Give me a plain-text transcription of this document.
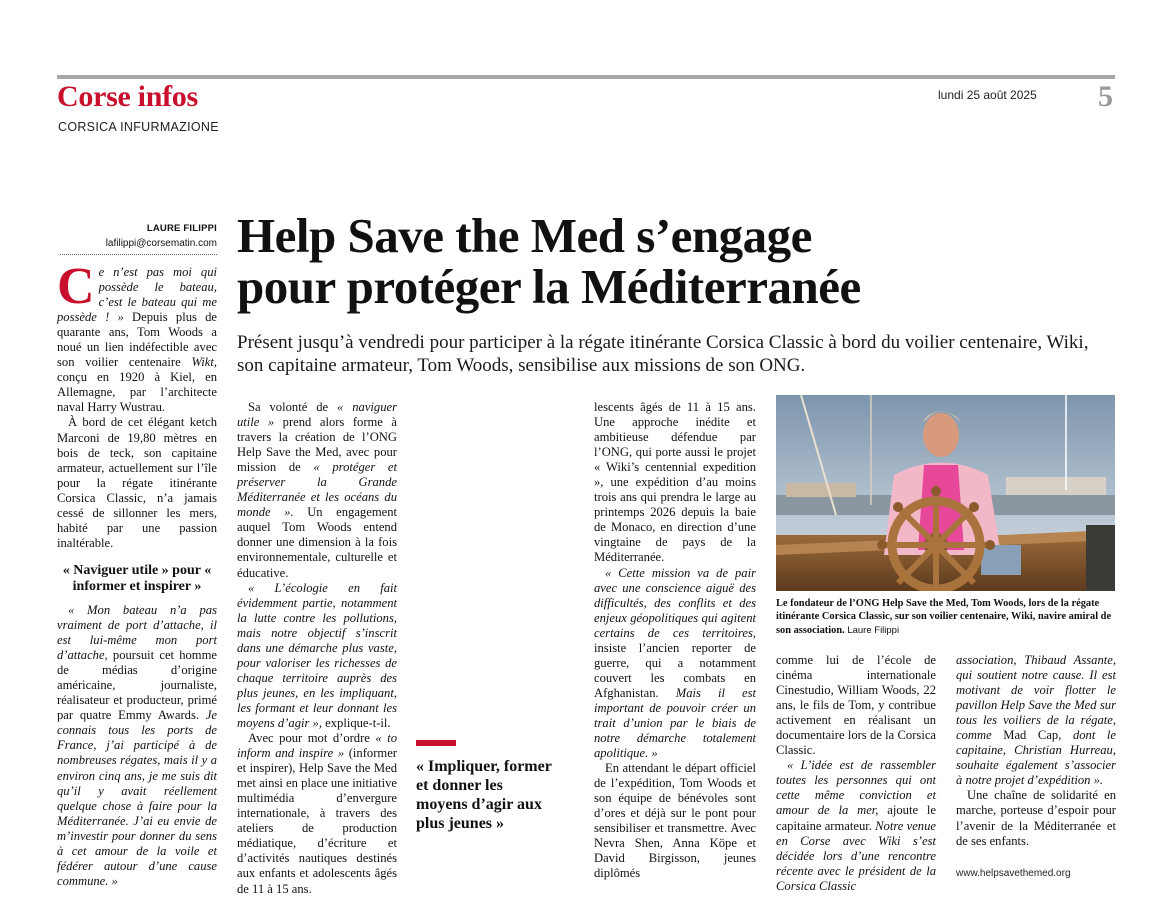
Corse infos
CORSICA INFURMAZIONE
lundi 25 août 2025 5
LAURE FILIPPI
lafilippi@corsematin.com Help Save the Med s’engage
pour protéger la Méditerranée
Présent jusqu’à vendredi pour participer à la régate itinérante Corsica Classic à bord du voilier centenaire, Wiki, son capitaine armateur, Tom Woods, sensibilise aux missions de son ONG.

Ce n’est pas moi qui possède le bateau, c’est le bateau qui me possède ! » Depuis plus de quarante ans, Tom Woods a noué un lien indéfectible avec son voilier centenaire Wikt, conçu en 1920 à Kiel, en Allemagne, par l’architecte naval Harry Wustrau.

À bord de cet élégant ketch Marconi de 19,80 mètres en bois de teck, son capitaine armateur, actuellement sur l’île pour la régate itinérante Corsica Classic, n’a jamais cessé de sillonner les mers, habité par une passion inaltérable.

« Naviguer utile » pour « informer et inspirer »

« Mon bateau n’a pas vraiment de port d’attache, il est lui-même mon port d’attache, poursuit cet homme de médias d’origine américaine, journaliste, réalisateur et producteur, primé par quatre Emmy Awards. Je connais tous les ports de France, j’ai participé à de nombreuses régates, mais il y a environ cinq ans, je me suis dit qu’il y avait réellement quelque chose à faire pour la Méditerranée. J’ai eu envie de m’investir pour donner du sens à cet amour de la voile et fédérer autour d’une cause commune. »

Sa volonté de « naviguer utile » prend alors forme à travers la création de l’ONG Help Save the Med, avec pour mission de « protéger et préserver la Grande Méditerranée et les océans du monde ». Un engagement auquel Tom Woods entend donner une dimension à la fois environnementale, culturelle et éducative.

« L’écologie en fait évidemment partie, notamment la lutte contre les pollutions, mais notre objectif s’inscrit dans une démarche plus vaste, pour valoriser les richesses de chaque territoire auprès des plus jeunes, en les impliquant, les formant et leur donnant les moyens d’agir », explique-t-il.

Avec pour mot d’ordre « to inform and inspire » (informer et inspirer), Help Save the Med met ainsi en place une initiative multimédia d’envergure internationale, à travers des ateliers de production médiatique, d’écriture et d’activités nautiques destinés aux enfants et adolescents âgés de 11 à 15 ans.

« Impliquer, former et donner les moyens d’agir aux plus jeunes »

lescents âgés de 11 à 15 ans. Une approche inédite et ambitieuse défendue par l’ONG, qui porte aussi le projet « Wiki’s centennial expedition », une expédition d’au moins trois ans qui prendra le large au printemps 2026 depuis la baie de Monaco, en direction d’une vingtaine de pays de la Méditerranée.

« Cette mission va de pair avec une conscience aiguë des difficultés, des conflits et des enjeux géopolitiques qui agitent certains de ces territoires, insiste l’ancien reporter de guerre, qui a notamment couvert les combats en Afghanistan. Mais il est important de pouvoir créer un trait d’union par le biais de notre démarche totalement apolitique. »

En attendant le départ officiel de l’expédition, Tom Woods et son équipe de bénévoles sont d’ores et déjà sur le pont pour sensibiliser et transmettre. Avec Nevra Shen, Anna Köpe et David Birgisson, jeunes diplômés

Le fondateur de l’ONG Help Save the Med, Tom Woods, lors de la régate itinérante Corsica Classic, sur son voilier centenaire, Wiki, navire amiral de son association. Laure Filippi

comme lui de l’école de cinéma internationale Cinestudio, William Woods, 22 ans, le fils de Tom, y contribue activement en réalisant un documentaire lors de la Corsica Classic.

« L’idée est de rassembler toutes les personnes qui ont cette même conviction et amour de la mer, ajoute le capitaine armateur. Notre venue en Corse avec Wiki s’est décidée lors d’une rencontre récente avec le président de la Corsica Classic

association, Thibaud Assante, qui soutient notre cause. Il est motivant de voir flotter le pavillon Help Save the Med sur tous les voiliers de la régate, comme Mad Cap, dont le capitaine, Christian Hurreau, souhaite également s’associer à notre projet d’expédition ».

Une chaîne de solidarité en marche, porteuse d’espoir pour l’avenir de la Méditerranée et de ses enfants.

www.helpsavethemed.org
